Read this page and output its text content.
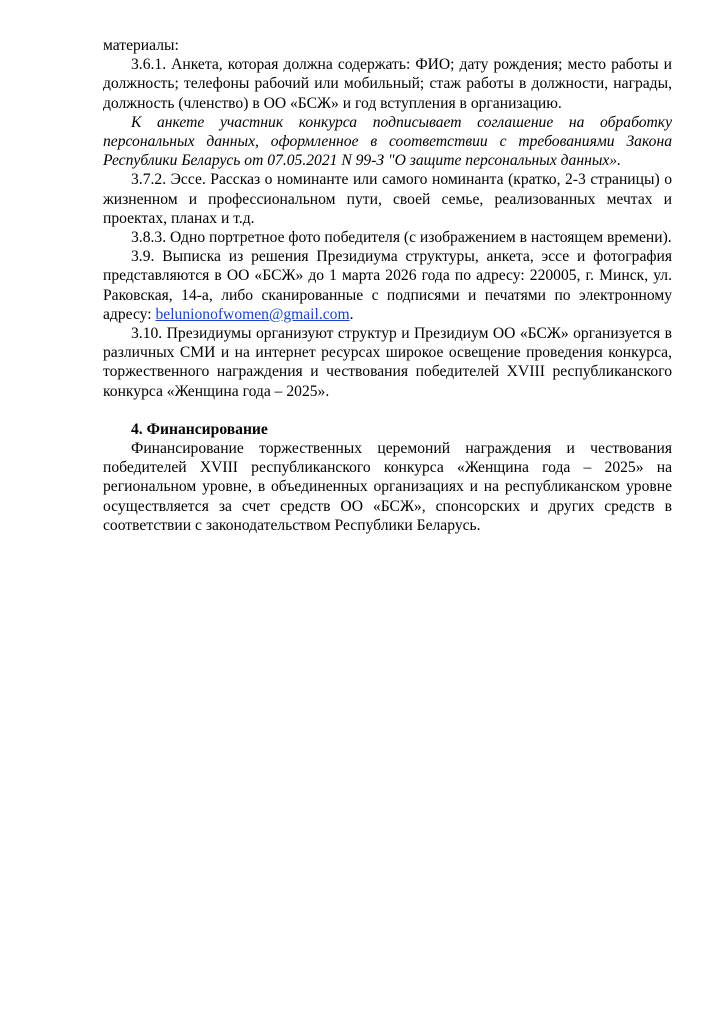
материалы:

3.6.1. Анкета, которая должна содержать: ФИО; дату рождения; место работы и должность; телефоны рабочий или мобильный; стаж работы в должности, награды, должность (членство) в ОО «БСЖ» и год вступления в организацию.

К анкете участник конкурса подписывает соглашение на обработку персональных данных, оформленное в соответствии с требованиями Закона Республики Беларусь от 07.05.2021 N 99-З "О защите персональных данных».

3.7.2. Эссе. Рассказ о номинанте или самого номинанта (кратко, 2-3 страницы) о жизненном и профессиональном пути, своей семье, реализованных мечтах и проектах, планах и т.д.

3.8.3. Одно портретное фото победителя (с изображением в настоящем времени).

3.9. Выписка из решения Президиума структуры, анкета, эссе и фотография представляются в ОО «БСЖ» до 1 марта 2026 года по адресу: 220005, г. Минск, ул. Раковская, 14-а, либо сканированные с подписями и печатями по электронному адресу: belunionofwomen@gmail.com.

3.10. Президиумы организуют структур и Президиум ОО «БСЖ» организуется в различных СМИ и на интернет ресурсах широкое освещение проведения конкурса, торжественного награждения и чествования победителей XVIII республиканского конкурса «Женщина года – 2025».

4. Финансирование

Финансирование торжественных церемоний награждения и чествования победителей XVIII республиканского конкурса «Женщина года – 2025» на региональном уровне, в объединенных организациях и на республиканском уровне осуществляется за счет средств ОО «БСЖ», спонсорских и других средств в соответствии с законодательством Республики Беларусь.
